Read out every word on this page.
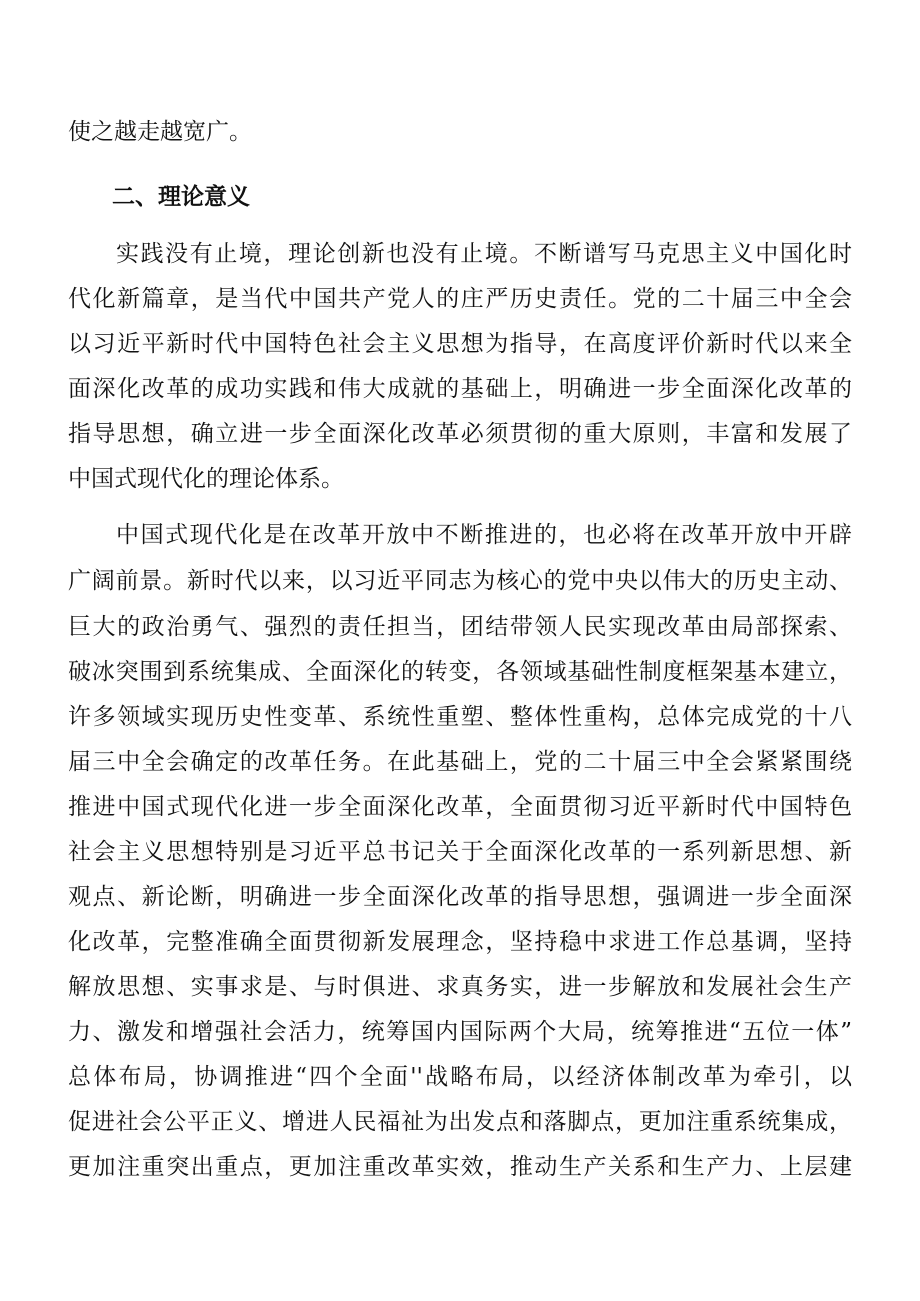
使之越走越宽广。
二、理论意义
实践没有止境，理论创新也没有止境。不断谱写马克思主义中国化时
代化新篇章，是当代中国共产党人的庄严历史责任。党的二十届三中全会
以习近平新时代中国特色社会主义思想为指导，在高度评价新时代以来全
面深化改革的成功实践和伟大成就的基础上，明确进一步全面深化改革的
指导思想，确立进一步全面深化改革必须贯彻的重大原则，丰富和发展了
中国式现代化的理论体系。
中国式现代化是在改革开放中不断推进的，也必将在改革开放中开辟
广阔前景。新时代以来，以习近平同志为核心的党中央以伟大的历史主动、
巨大的政治勇气、强烈的责任担当，团结带领人民实现改革由局部探索、
破冰突围到系统集成、全面深化的转变，各领域基础性制度框架基本建立，
许多领域实现历史性变革、系统性重塑、整体性重构，总体完成党的十八
届三中全会确定的改革任务。在此基础上，党的二十届三中全会紧紧围绕
推进中国式现代化进一步全面深化改革，全面贯彻习近平新时代中国特色
社会主义思想特别是习近平总书记关于全面深化改革的一系列新思想、新
观点、新论断，明确进一步全面深化改革的指导思想，强调进一步全面深
化改革，完整准确全面贯彻新发展理念，坚持稳中求进工作总基调，坚持
解放思想、实事求是、与时俱进、求真务实，进一步解放和发展社会生产
力、激发和增强社会活力，统筹国内国际两个大局，统筹推进“五位一体”
总体布局，协调推进“四个全面''战略布局，以经济体制改革为牵引，以
促进社会公平正义、增进人民福祉为出发点和落脚点，更加注重系统集成，
更加注重突出重点，更加注重改革实效，推动生产关系和生产力、上层建
